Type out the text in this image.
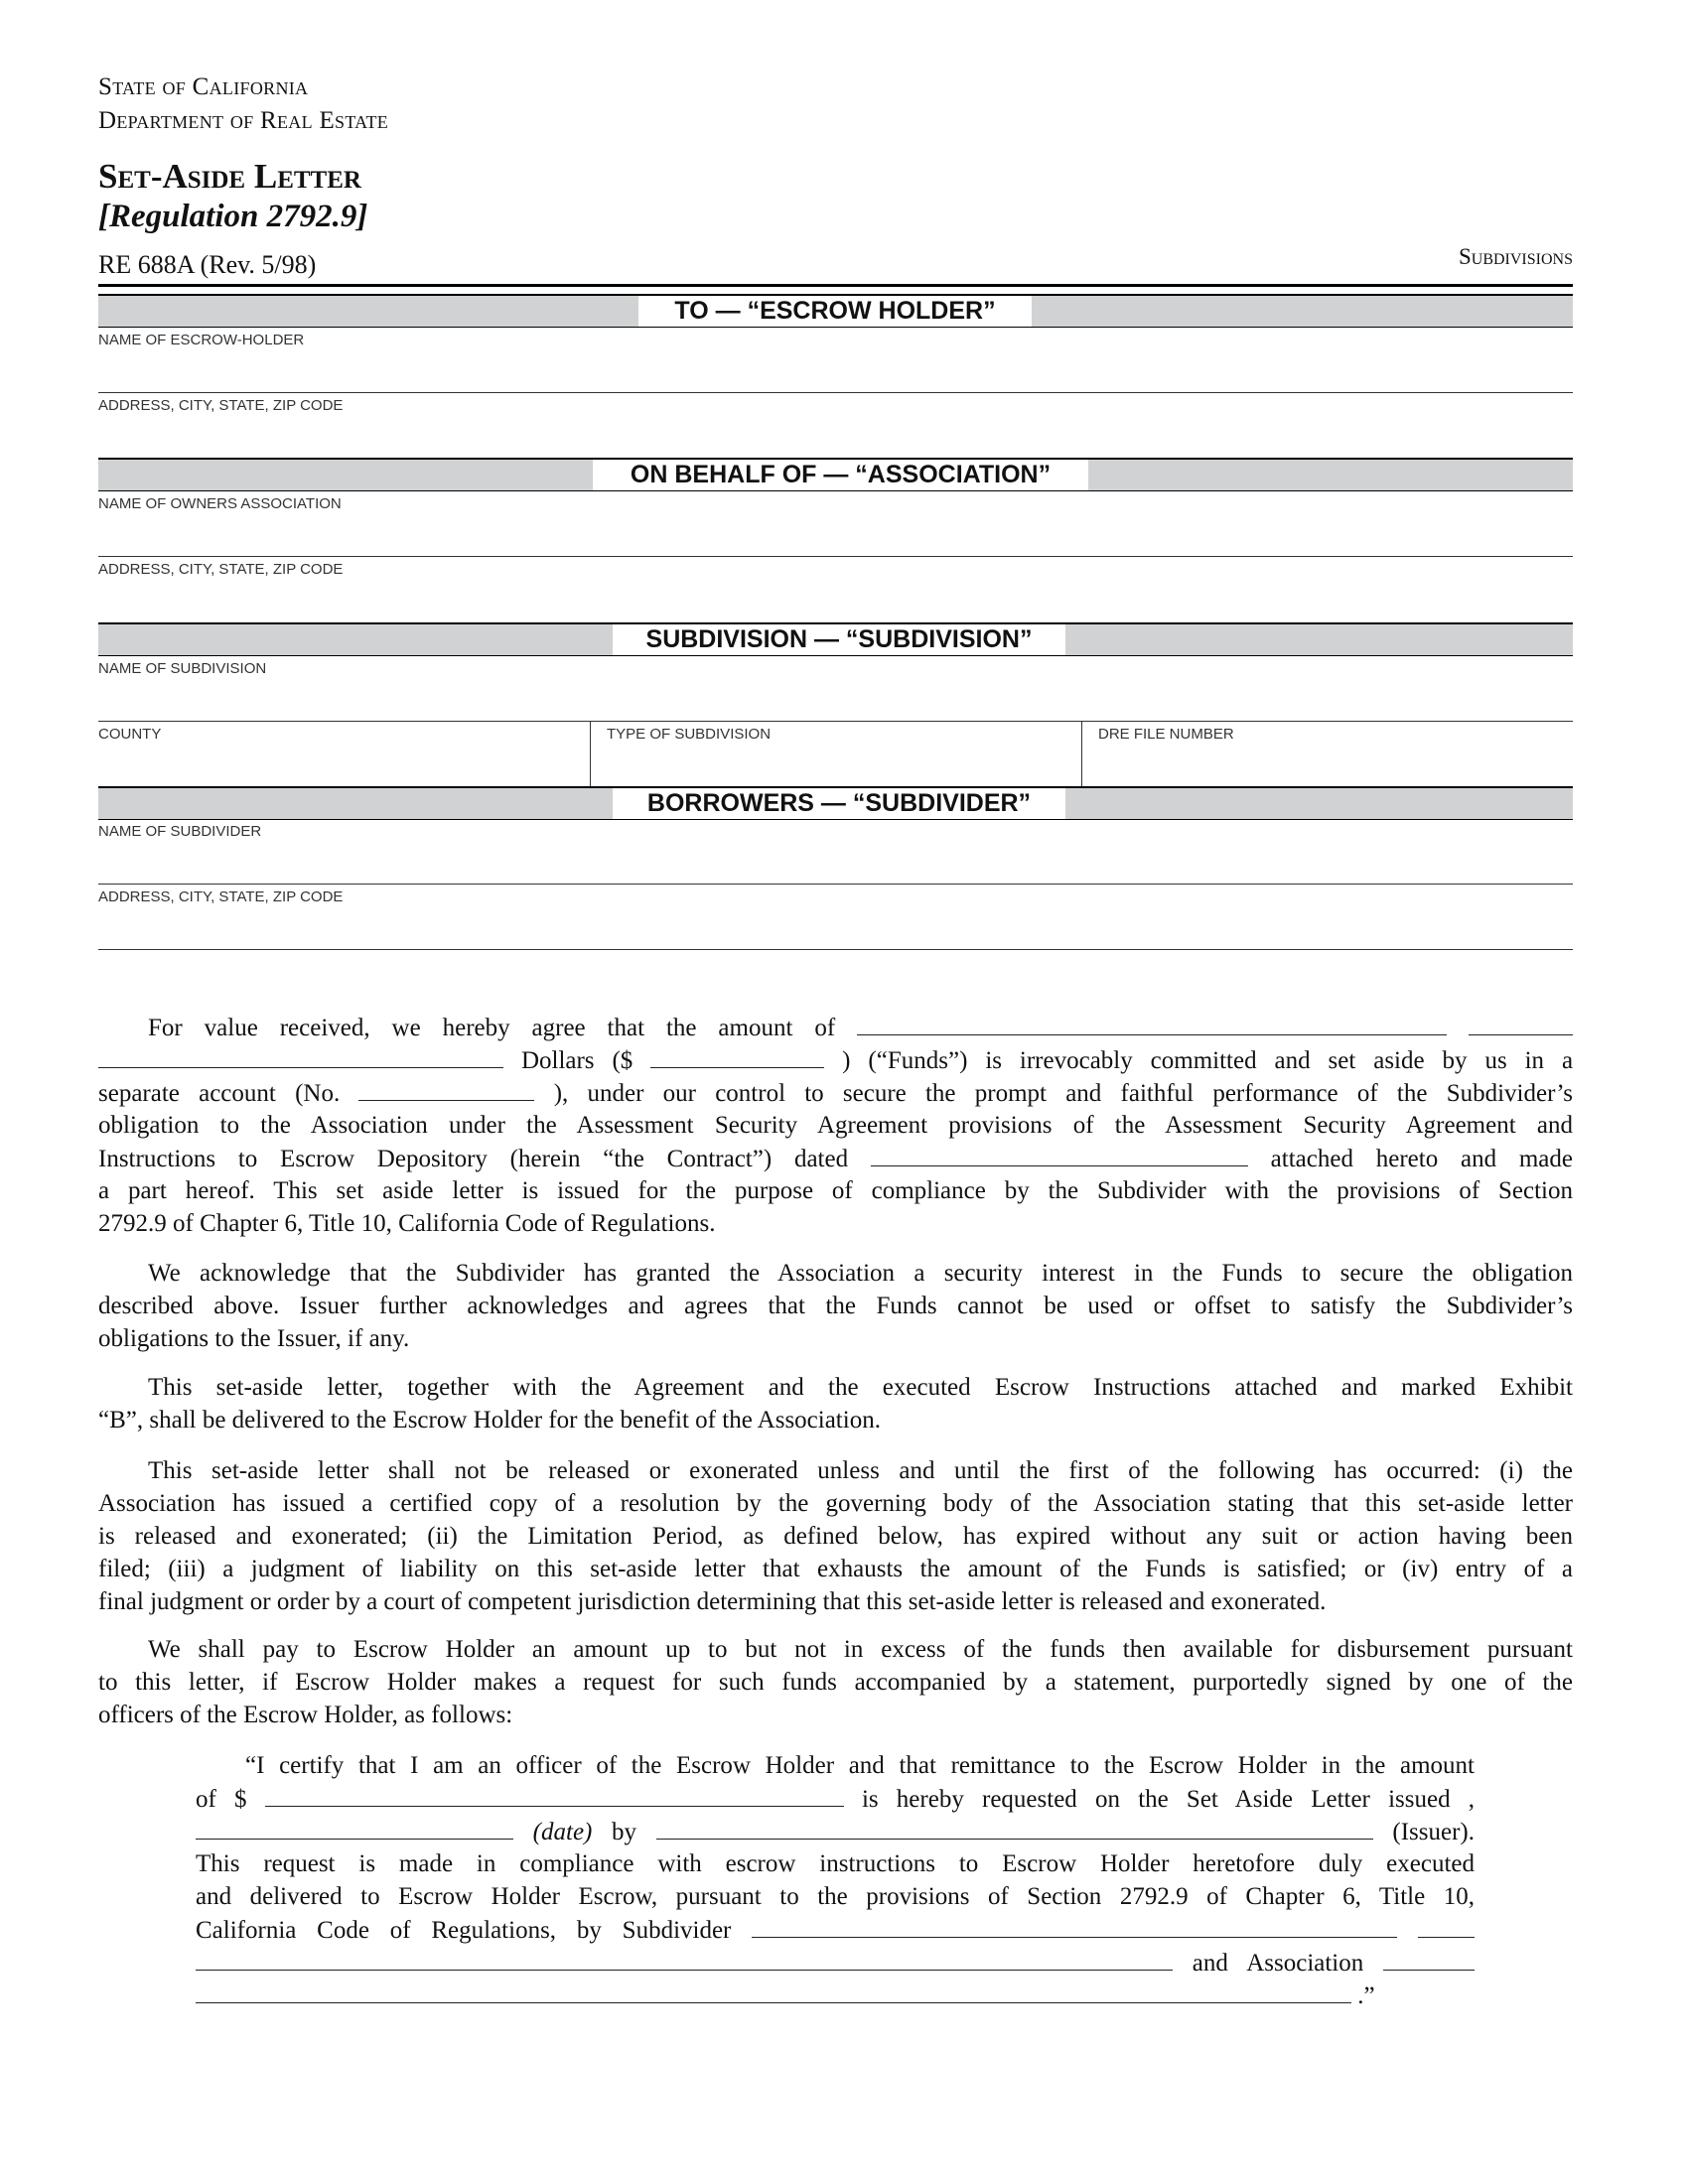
State of California
Department of Real Estate
Set-Aside Letter
[Regulation 2792.9]
RE 688A (Rev. 5/98)	Subdivisions
TO — “ESCROW HOLDER”
NAME OF ESCROW-HOLDER
ADDRESS, CITY, STATE, ZIP CODE
ON BEHALF OF — “ASSOCIATION”
NAME OF OWNERS ASSOCIATION
ADDRESS, CITY, STATE, ZIP CODE
SUBDIVISION — “SUBDIVISION”
NAME OF SUBDIVISION
COUNTY	TYPE OF SUBDIVISION	DRE FILE NUMBER
BORROWERS — “SUBDIVIDER”
NAME OF SUBDIVIDER
ADDRESS, CITY, STATE, ZIP CODE
For value received, we hereby agree that the amount of
Dollars ($	) (“Funds”) is irrevocably committed and set aside by us in a
separate account (No.	), under our control to secure the prompt and faithful performance of the Subdivider’s
obligation to the Association under the Assessment Security Agreement provisions of the Assessment Security Agreement and
Instructions to Escrow Depository (herein “the Contract”) dated	attached hereto and made
a part hereof. This set aside letter is issued for the purpose of compliance by the Subdivider with the provisions of Section
2792.9 of Chapter 6, Title 10, California Code of Regulations.
We acknowledge that the Subdivider has granted the Association a security interest in the Funds to secure the obligation
described above. Issuer further acknowledges and agrees that the Funds cannot be used or offset to satisfy the Subdivider’s
obligations to the Issuer, if any.
This set-aside letter, together with the Agreement and the executed Escrow Instructions attached and marked Exhibit
“B”, shall be delivered to the Escrow Holder for the benefit of the Association.
This set-aside letter shall not be released or exonerated unless and until the first of the following has occurred: (i) the
Association has issued a certified copy of a resolution by the governing body of the Association stating that this set-aside letter
is released and exonerated; (ii) the Limitation Period, as defined below, has expired without any suit or action having been
filed; (iii) a judgment of liability on this set-aside letter that exhausts the amount of the Funds is satisfied; or (iv) entry of a
final judgment or order by a court of competent jurisdiction determining that this set-aside letter is released and exonerated.
We shall pay to Escrow Holder an amount up to but not in excess of the funds then available for disbursement pursuant
to this letter, if Escrow Holder makes a request for such funds accompanied by a statement, purportedly signed by one of the
officers of the Escrow Holder, as follows:
“I certify that I am an officer of the Escrow Holder and that remittance to the Escrow Holder in the amount
of $	is hereby requested on the Set Aside Letter issued ,
(date) by	(Issuer).
This request is made in compliance with escrow instructions to Escrow Holder heretofore duly executed
and delivered to Escrow Holder Escrow, pursuant to the provisions of Section 2792.9 of Chapter 6, Title 10,
California Code of Regulations, by Subdivider
and Association
.”
